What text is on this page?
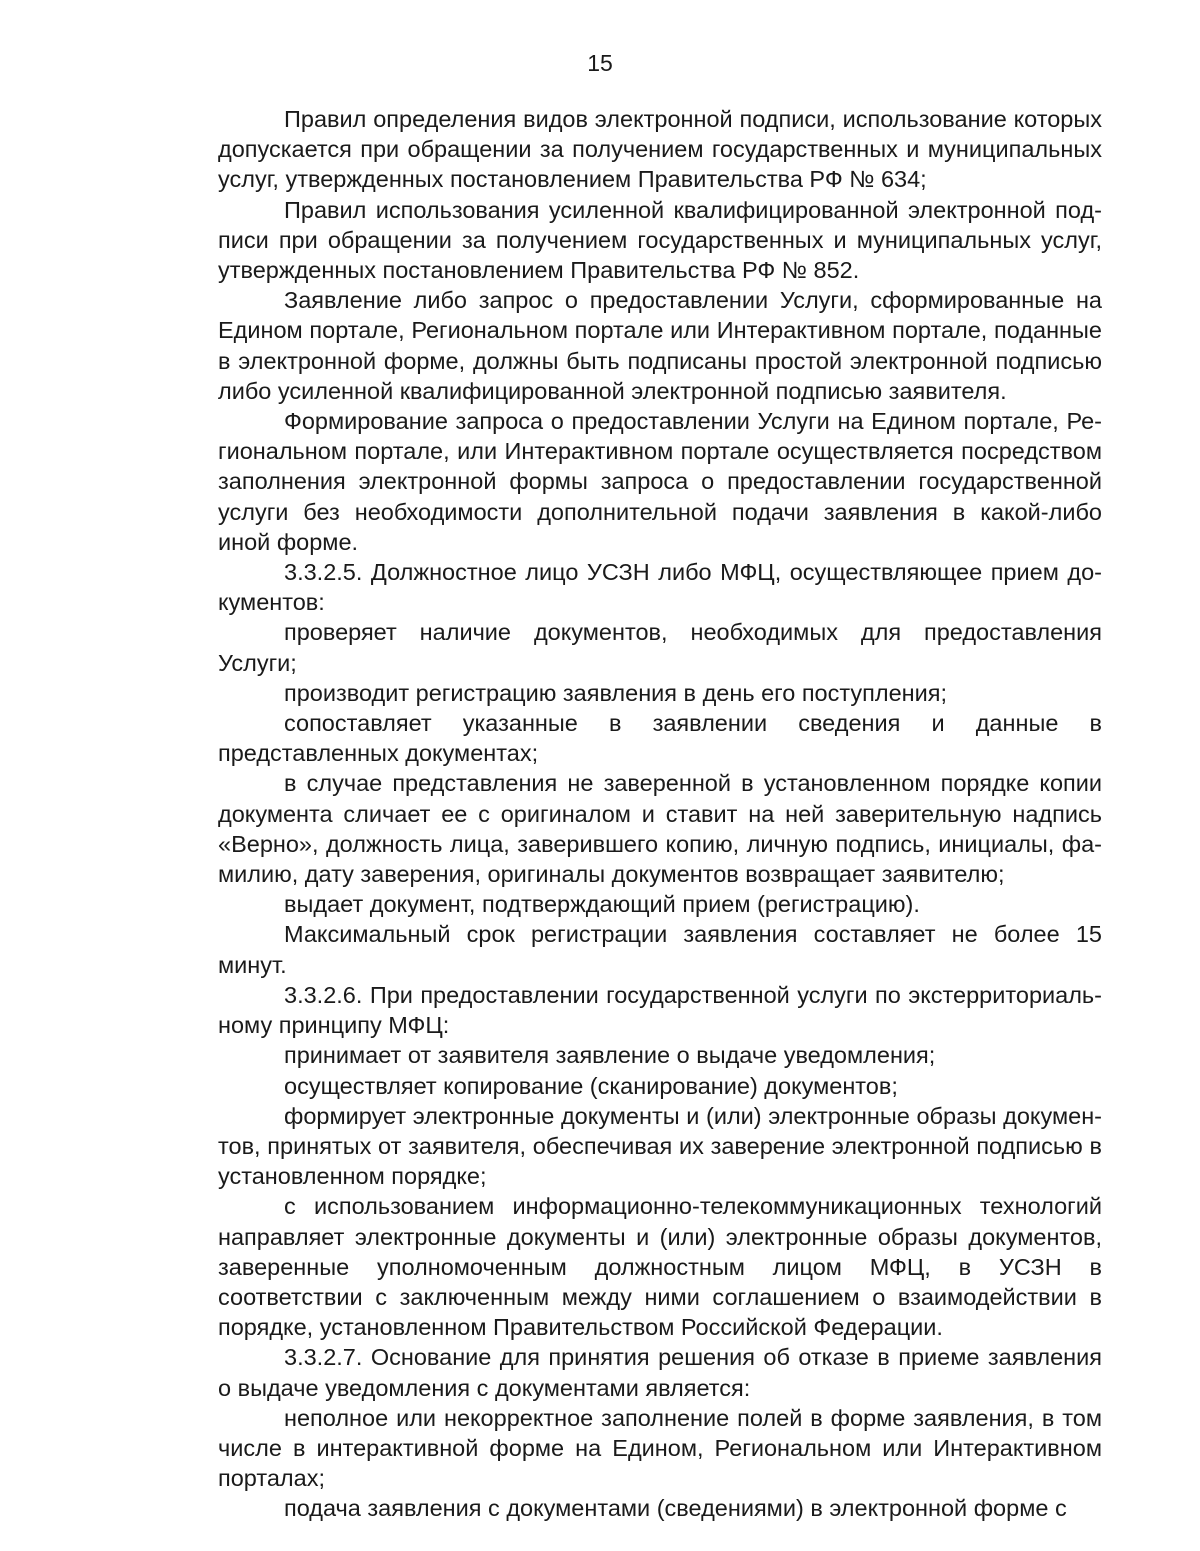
15

Правил определения видов электронной подписи, использование которых допускается при обращении за получением государственных и муниципальных услуг, утвержденных постановлением Правительства РФ № 634;

Правил использования усиленной квалифицированной электронной подписи при обращении за получением государственных и муниципальных услуг, утвержденных постановлением Правительства РФ № 852.

Заявление либо запрос о предоставлении Услуги, сформированные на Едином портале, Региональном портале или Интерактивном портале, поданные в электронной форме, должны быть подписаны простой электронной подписью либо усиленной квалифицированной электронной подписью заявителя.

Формирование запроса о предоставлении Услуги на Едином портале, Региональном портале, или Интерактивном портале осуществляется посредством заполнения электронной формы запроса о предоставлении государственной услуги без необходимости дополнительной подачи заявления в какой-либо иной форме.

3.3.2.5. Должностное лицо УСЗН либо МФЦ, осуществляющее прием документов:

проверяет наличие документов, необходимых для предоставления Услуги;

производит регистрацию заявления в день его поступления;

сопоставляет указанные в заявлении сведения и данные в представленных документах;

в случае представления не заверенной в установленном порядке копии документа сличает ее с оригиналом и ставит на ней заверительную надпись «Верно», должность лица, заверившего копию, личную подпись, инициалы, фамилию, дату заверения, оригиналы документов возвращает заявителю;

выдает документ, подтверждающий прием (регистрацию).

Максимальный срок регистрации заявления составляет не более 15 минут.

3.3.2.6. При предоставлении государственной услуги по экстерриториальному принципу МФЦ:

принимает от заявителя заявление о выдаче уведомления;

осуществляет копирование (сканирование) документов;

формирует электронные документы и (или) электронные образы документов, принятых от заявителя, обеспечивая их заверение электронной подписью в установленном порядке;

с использованием информационно-телекоммуникационных технологий направляет электронные документы и (или) электронные образы документов, заверенные уполномоченным должностным лицом МФЦ, в УСЗН в соответствии с заключенным между ними соглашением о взаимодействии в порядке, установленном Правительством Российской Федерации.

3.3.2.7. Основание для принятия решения об отказе в приеме заявления о выдаче уведомления с документами является:

неполное или некорректное заполнение полей в форме заявления, в том числе в интерактивной форме на Едином, Региональном или Интерактивном порталах;

подача заявления с документами (сведениями) в электронной форме с
